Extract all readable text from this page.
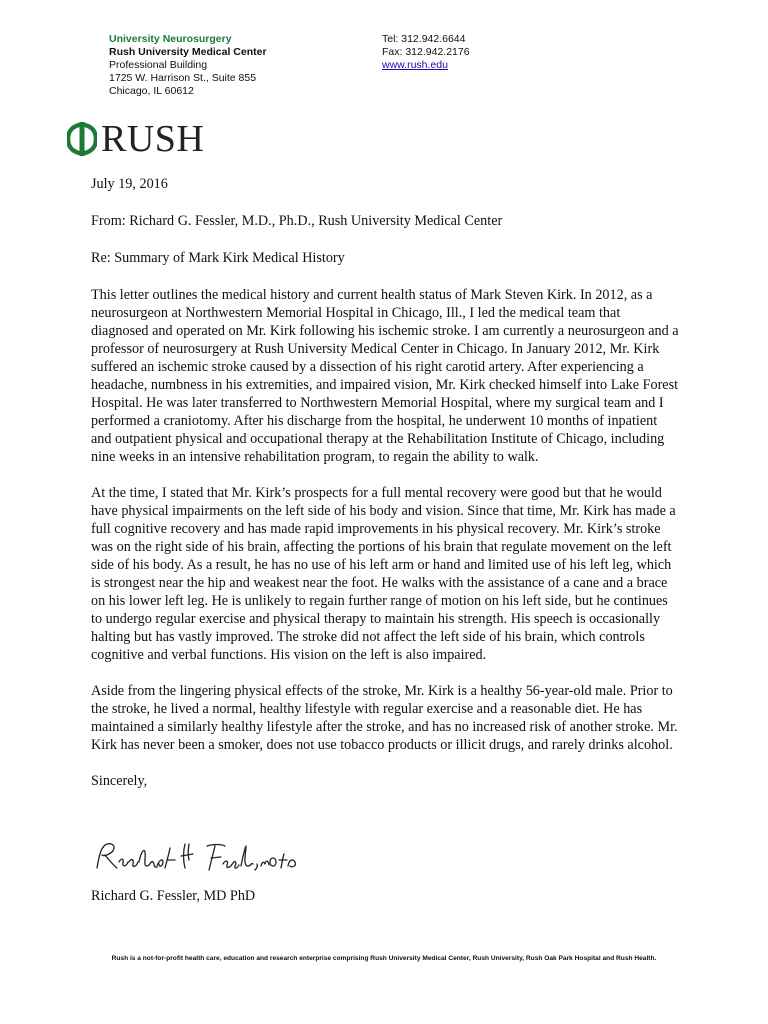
University Neurosurgery
Rush University Medical Center
Professional Building
1725 W. Harrison St., Suite 855
Chicago, IL 60612
Tel: 312.942.6644
Fax: 312.942.2176
www.rush.edu
RUSH

July 19, 2016

From: Richard G. Fessler, M.D., Ph.D., Rush University Medical Center

Re: Summary of Mark Kirk Medical History

This letter outlines the medical history and current health status of Mark Steven Kirk. In 2012, as a neurosurgeon at Northwestern Memorial Hospital in Chicago, Ill., I led the medical team that diagnosed and operated on Mr. Kirk following his ischemic stroke. I am currently a neurosurgeon and a professor of neurosurgery at Rush University Medical Center in Chicago. In January 2012, Mr. Kirk suffered an ischemic stroke caused by a dissection of his right carotid artery. After experiencing a headache, numbness in his extremities, and impaired vision, Mr. Kirk checked himself into Lake Forest Hospital. He was later transferred to Northwestern Memorial Hospital, where my surgical team and I performed a craniotomy. After his discharge from the hospital, he underwent 10 months of inpatient and outpatient physical and occupational therapy at the Rehabilitation Institute of Chicago, including nine weeks in an intensive rehabilitation program, to regain the ability to walk.

At the time, I stated that Mr. Kirk’s prospects for a full mental recovery were good but that he would have physical impairments on the left side of his body and vision. Since that time, Mr. Kirk has made a full cognitive recovery and has made rapid improvements in his physical recovery. Mr. Kirk’s stroke was on the right side of his brain, affecting the portions of his brain that regulate movement on the left side of his body. As a result, he has no use of his left arm or hand and limited use of his left leg, which is strongest near the hip and weakest near the foot. He walks with the assistance of a cane and a brace on his lower left leg. He is unlikely to regain further range of motion on his left side, but he continues to undergo regular exercise and physical therapy to maintain his strength. His speech is occasionally halting but has vastly improved. The stroke did not affect the left side of his brain, which controls cognitive and verbal functions. His vision on the left is also impaired.

Aside from the lingering physical effects of the stroke, Mr. Kirk is a healthy 56-year-old male. Prior to the stroke, he lived a normal, healthy lifestyle with regular exercise and a reasonable diet. He has maintained a similarly healthy lifestyle after the stroke, and has no increased risk of another stroke. Mr. Kirk has never been a smoker, does not use tobacco products or illicit drugs, and rarely drinks alcohol.

Sincerely,

Richard G. Fessler, MD PhD
Rush is a not-for-profit health care, education and research enterprise comprising Rush University Medical Center, Rush University, Rush Oak Park Hospital and Rush Health.
